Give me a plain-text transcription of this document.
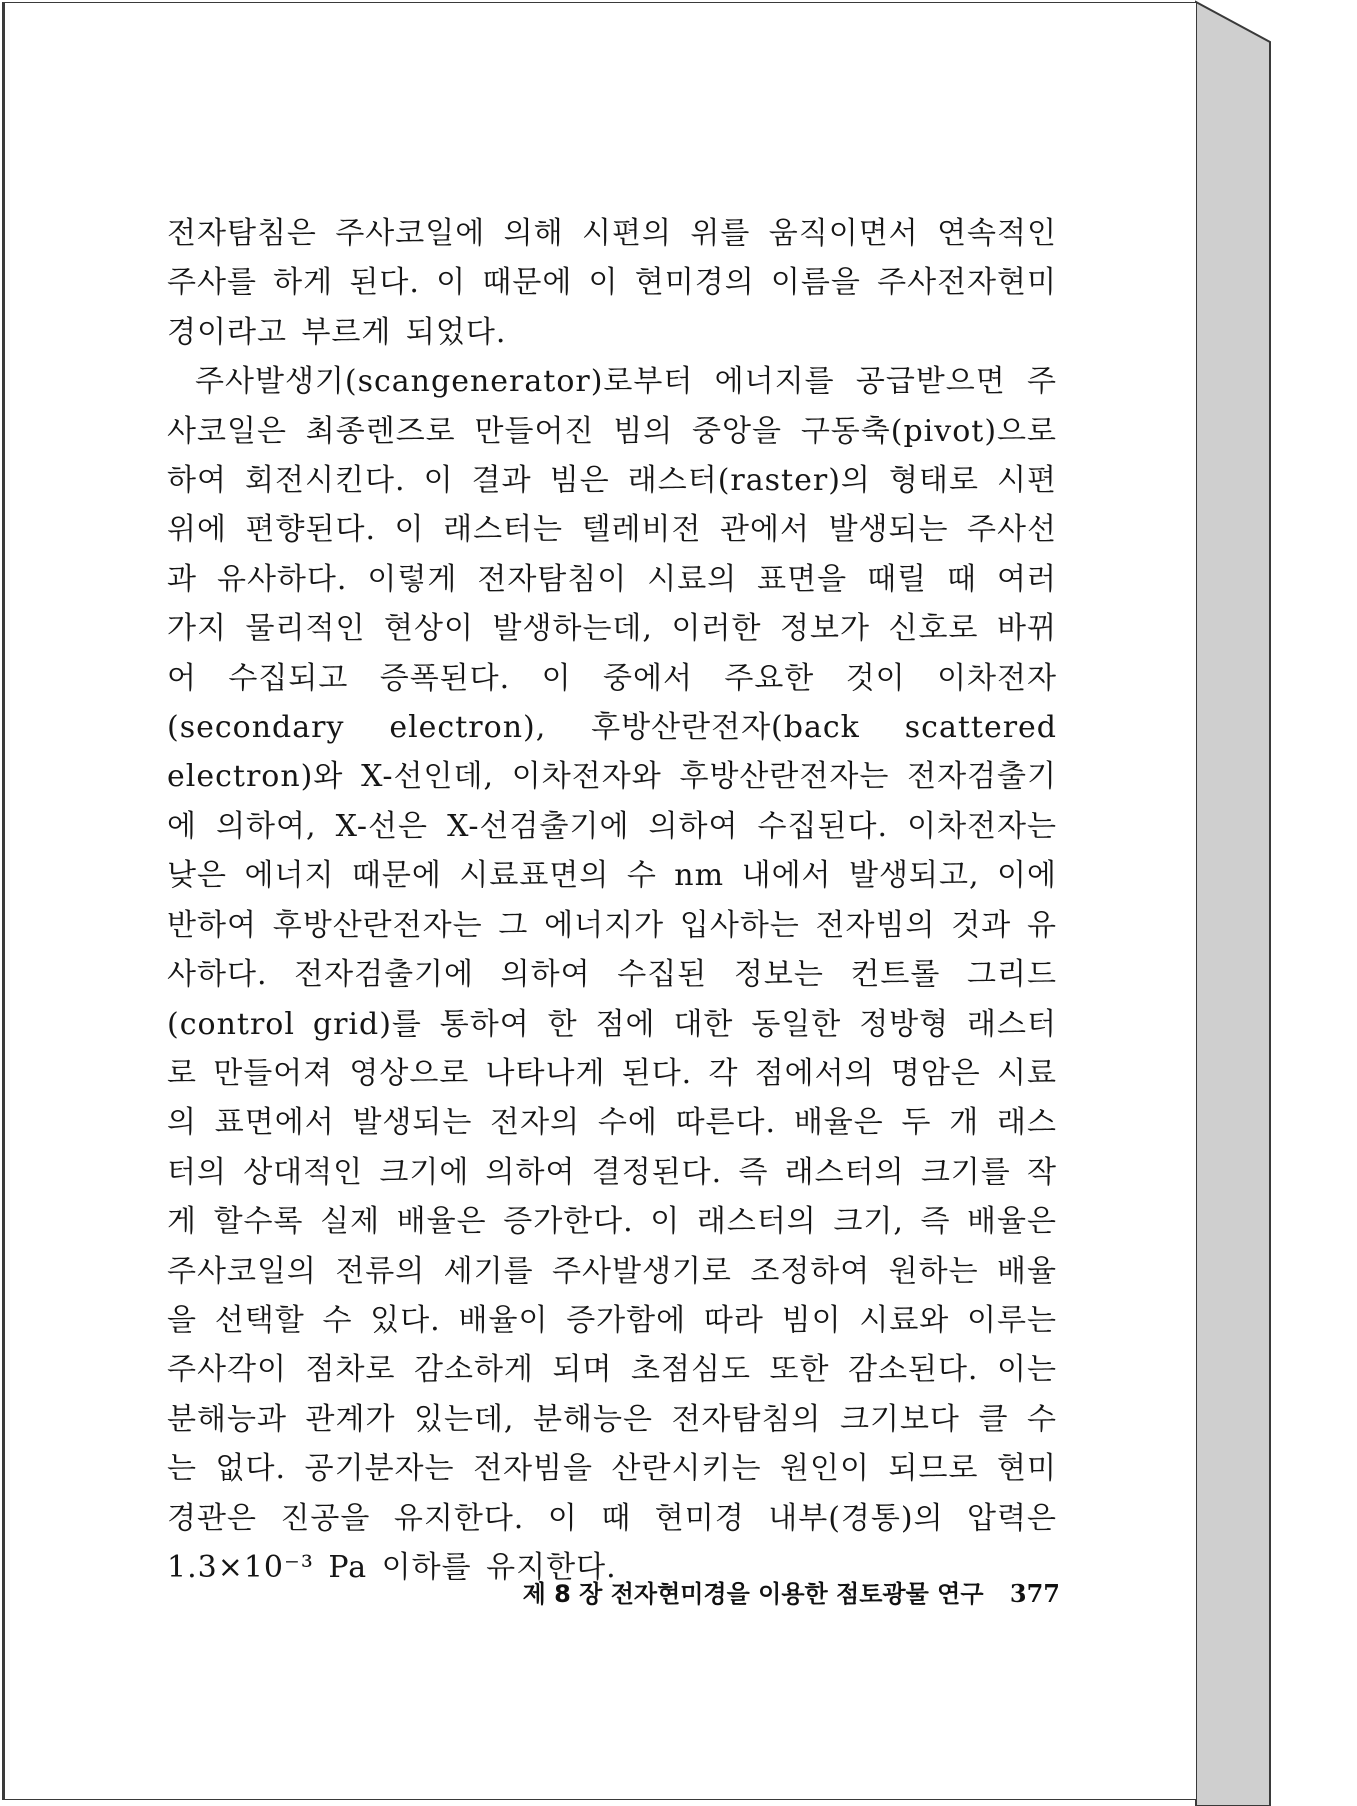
전자탐침은 주사코일에 의해 시편의 위를 움직이면서 연속적인 주사를 하게 된다. 이 때문에 이 현미경의 이름을 주사전자현미경이라고 부르게 되었다.

주사발생기(scangenerator)로부터 에너지를 공급받으면 주사코일은 최종렌즈로 만들어진 빔의 중앙을 구동축(pivot)으로 하여 회전시킨다. 이 결과 빔은 래스터(raster)의 형태로 시편 위에 편향된다. 이 래스터는 텔레비전 관에서 발생되는 주사선과 유사하다. 이렇게 전자탐침이 시료의 표면을 때릴 때 여러 가지 물리적인 현상이 발생하는데, 이러한 정보가 신호로 바뀌어 수집되고 증폭된다. 이 중에서 주요한 것이 이차전자(secondary electron), 후방산란전자(back scattered electron)와 X-선인데, 이차전자와 후방산란전자는 전자검출기에 의하여, X-선은 X-선검출기에 의하여 수집된다. 이차전자는 낮은 에너지 때문에 시료표면의 수 nm 내에서 발생되고, 이에 반하여 후방산란전자는 그 에너지가 입사하는 전자빔의 것과 유사하다. 전자검출기에 의하여 수집된 정보는 컨트롤 그리드(control grid)를 통하여 한 점에 대한 동일한 정방형 래스터로 만들어져 영상으로 나타나게 된다. 각 점에서의 명암은 시료의 표면에서 발생되는 전자의 수에 따른다. 배율은 두 개 래스터의 상대적인 크기에 의하여 결정된다. 즉 래스터의 크기를 작게 할수록 실제 배율은 증가한다. 이 래스터의 크기, 즉 배율은 주사코일의 전류의 세기를 주사발생기로 조정하여 원하는 배율을 선택할 수 있다. 배율이 증가함에 따라 빔이 시료와 이루는 주사각이 점차로 감소하게 되며 초점심도 또한 감소된다. 이는 분해능과 관계가 있는데, 분해능은 전자탐침의 크기보다 클 수는 없다. 공기분자는 전자빔을 산란시키는 원인이 되므로 현미경관은 진공을 유지한다. 이 때 현미경 내부(경통)의 압력은 1.3×10⁻³ Pa 이하를 유지한다.

제 8 장 전자현미경을 이용한 점토광물 연구 377
